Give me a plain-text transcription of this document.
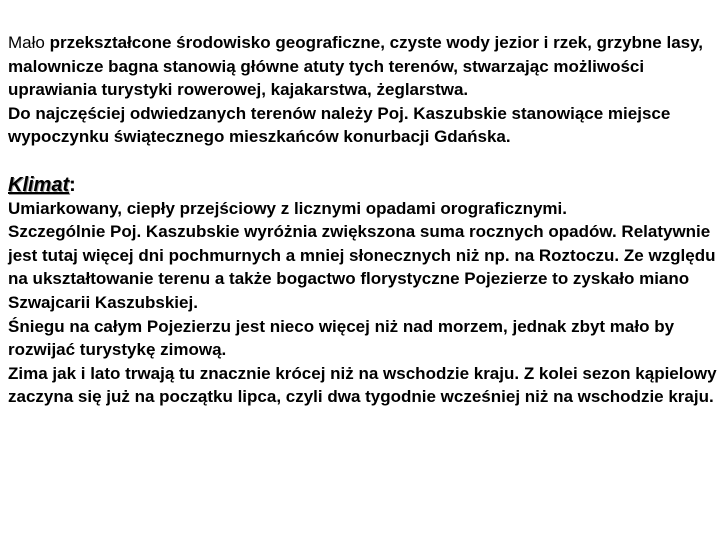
Mało przekształcone środowisko geograficzne, czyste wody jezior i rzek, grzybne lasy, malownicze bagna stanowią główne atuty tych terenów, stwarzając możliwości uprawiania turystyki rowerowej, kajakarstwa, żeglarstwa.

Do najczęściej odwiedzanych terenów należy Poj. Kaszubskie stanowiące miejsce wypoczynku świątecznego mieszkańców konurbacji Gdańska.

Klimat:

Umiarkowany, ciepły przejściowy z licznymi opadami orograficznymi.

Szczególnie Poj. Kaszubskie wyróżnia zwiększona suma rocznych opadów. Relatywnie jest tutaj więcej dni pochmurnych a mniej słonecznych niż np. na Roztoczu. Ze względu na ukształtowanie terenu a także bogactwo florystyczne Pojezierze to zyskało miano Szwajcarii Kaszubskiej.

Śniegu na całym Pojezierzu jest nieco więcej niż nad morzem, jednak zbyt mało by rozwijać turystykę zimową.

Zima jak i lato trwają tu znacznie krócej niż na wschodzie kraju. Z kolei sezon kąpielowy zaczyna się już na początku lipca, czyli dwa tygodnie wcześniej niż na wschodzie kraju.
